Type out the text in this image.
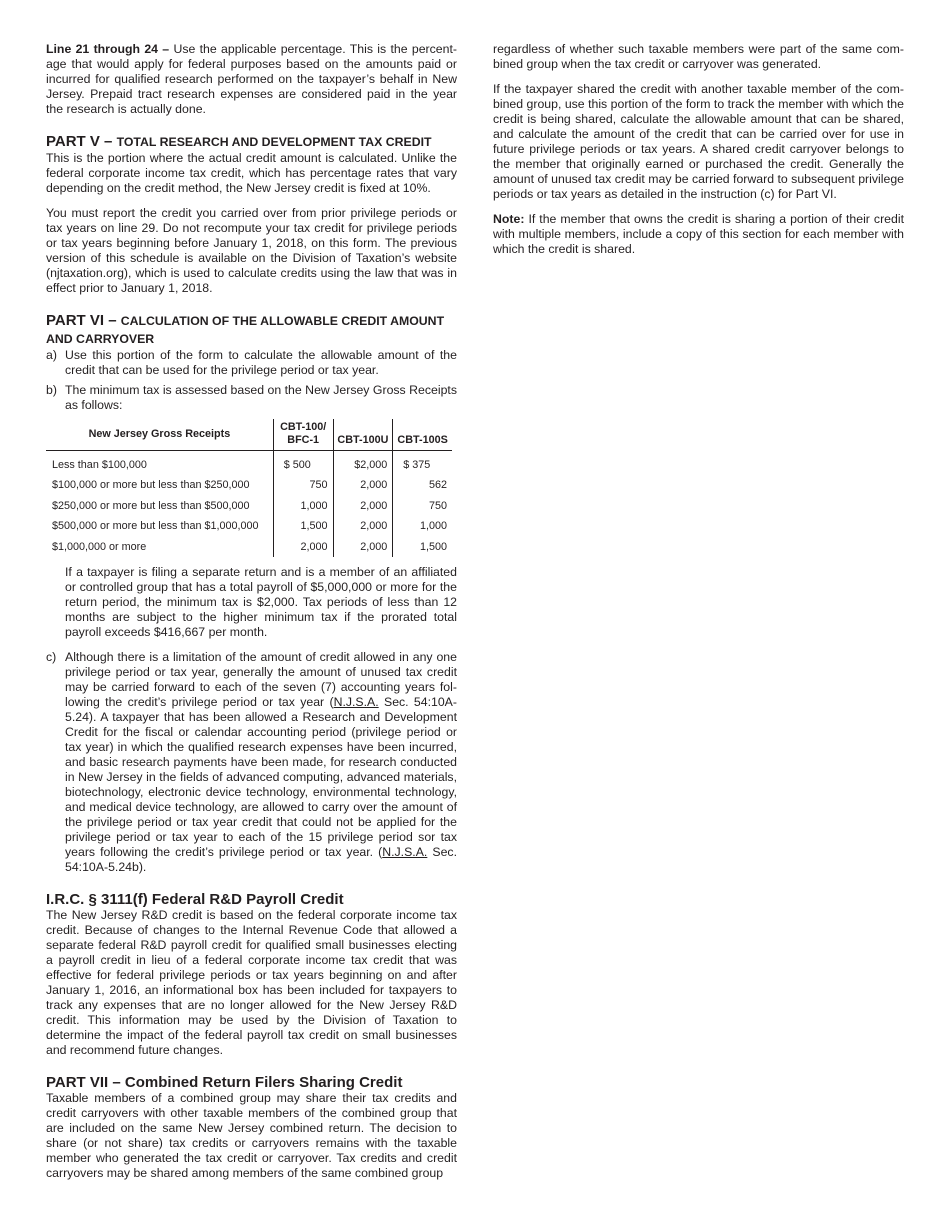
Line 21 through 24 – Use the applicable percentage. This is the percentage that would apply for federal purposes based on the amounts paid or incurred for qualified research performed on the taxpayer’s behalf in New Jersey. Prepaid tract research expenses are considered paid in the year the research is actually done.

PART V – TOTAL RESEARCH AND DEVELOPMENT TAX CREDIT

This is the portion where the actual credit amount is calculated. Unlike the federal corporate income tax credit, which has percentage rates that vary depending on the credit method, the New Jersey credit is fixed at 10%.

You must report the credit you carried over from prior privilege periods or tax years on line 29. Do not recompute your tax credit for privilege periods or tax years beginning before January 1, 2018, on this form. The previous version of this schedule is available on the Division of Taxation’s website (njtaxation.org), which is used to calculate credits using the law that was in effect prior to January 1, 2018.

PART VI – CALCULATION OF THE ALLOWABLE CREDIT AMOUNT AND CARRYOVER
a) Use this portion of the form to calculate the allowable amount of the credit that can be used for the privilege period or tax year.
b) The minimum tax is assessed based on the New Jersey Gross Receipts as follows:
New Jersey Gross Receipts	CBT-100/ BFC-1	CBT-100U	CBT-100S

Less than $100,000	$ 500	$2,000	$ 375
$100,000 or more but less than $250,000	750	2,000	562
$250,000 or more but less than $500,000	1,000	2,000	750
$500,000 or more but less than $1,000,000	1,500	2,000	1,000
$1,000,000 or more	2,000	2,000	1,500

If a taxpayer is filing a separate return and is a member of an affiliated or controlled group that has a total payroll of $5,000,000 or more for the return period, the minimum tax is $2,000. Tax periods of less than 12 months are subject to the higher minimum tax if the prorated total payroll exceeds $416,667 per month.

c) Although there is a limitation of the amount of credit allowed in any one privilege period or tax year, generally the amount of unused tax credit may be carried forward to each of the seven (7) accounting years following the credit’s privilege period or tax year (N.J.S.A. Sec. 54:10A-5.24). A taxpayer that has been allowed a Research and Development Credit for the fiscal or calendar accounting period (privilege period or tax year) in which the qualified research expenses have been incurred, and basic research payments have been made, for research conducted in New Jersey in the fields of advanced computing, advanced materials, biotechnology, electronic device technology, environmental technology, and medical device technology, are allowed to carry over the amount of the privilege period or tax year credit that could not be applied for the privilege period or tax year to each of the 15 privilege period sor tax years following the credit’s privilege period or tax year. (N.J.S.A. Sec. 54:10A-5.24b).
I.R.C. § 3111(f) Federal R&D Payroll Credit

The New Jersey R&D credit is based on the federal corporate income tax credit. Because of changes to the Internal Revenue Code that allowed a separate federal R&D payroll credit for qualified small businesses electing a payroll credit in lieu of a federal corporate income tax credit that was effective for federal privilege periods or tax years beginning on and after January 1, 2016, an informational box has been included for taxpayers to track any expenses that are no longer allowed for the New Jersey R&D credit. This information may be used by the Division of Taxation to determine the impact of the federal payroll tax credit on small businesses and recommend future changes.

PART VII – Combined Return Filers Sharing Credit

Taxable members of a combined group may share their tax credits and credit carryovers with other taxable members of the combined group that are included on the same New Jersey combined return. The decision to share (or not share) tax credits or carryovers remains with the taxable member who generated the tax credit or carryover. Tax credits and credit carryovers may be shared among members of the same combined group

regardless of whether such taxable members were part of the same combined group when the tax credit or carryover was generated.

If the taxpayer shared the credit with another taxable member of the combined group, use this portion of the form to track the member with which the credit is being shared, calculate the allowable amount that can be shared, and calculate the amount of the credit that can be carried over for use in future privilege periods or tax years. A shared credit carryover belongs to the member that originally earned or purchased the credit. Generally the amount of unused tax credit may be carried forward to subsequent privilege periods or tax years as detailed in the instruction (c) for Part VI.

Note: If the member that owns the credit is sharing a portion of their credit with multiple members, include a copy of this section for each member with which the credit is shared.
